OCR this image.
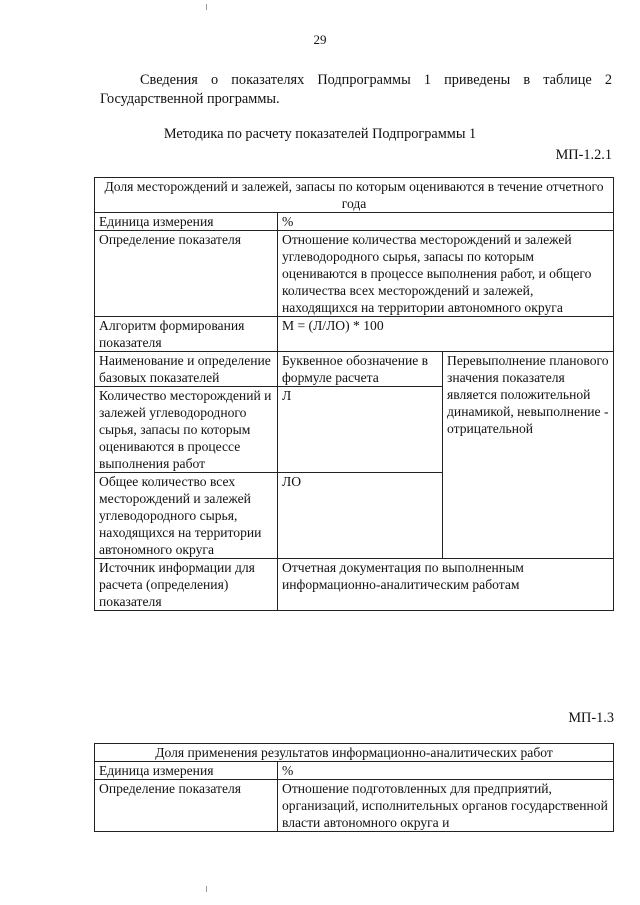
29
Сведения о показателях Подпрограммы 1 приведены в таблице 2
Государственной программы.
Методика по расчету показателей Подпрограммы 1
МП-1.2.1
Доля месторождений и залежей, запасы по которым оцениваются в течение отчетного года		
Единица измерения	%	
Определение показателя	Отношение количества месторождений и залежей углеводородного сырья, запасы по которым оцениваются в процессе выполнения работ, и общего количества всех месторождений и залежей, находящихся на территории автономного округа	
Алгоритм формирования показателя	М = (Л/ЛО) * 100	
Наименование и определение базовых показателей	Буквенное обозначение в формуле расчета	Перевыполнение планового значения показателя является положительной динамикой, невыполнение - отрицательной
Количество месторождений и залежей углеводородного сырья, запасы по которым оцениваются в процессе выполнения работ	Л	
Общее количество всех месторождений и залежей углеводородного сырья, находящихся на территории автономного округа	ЛО	
Источник информации для расчета (определения) показателя	Отчетная документация по выполненным информационно-аналитическим работам	
МП-1.3
Доля применения результатов информационно-аналитических работ	
Единица измерения	%
Определение показателя	Отношение подготовленных для предприятий, организаций, исполнительных органов государственной власти автономного округа и
